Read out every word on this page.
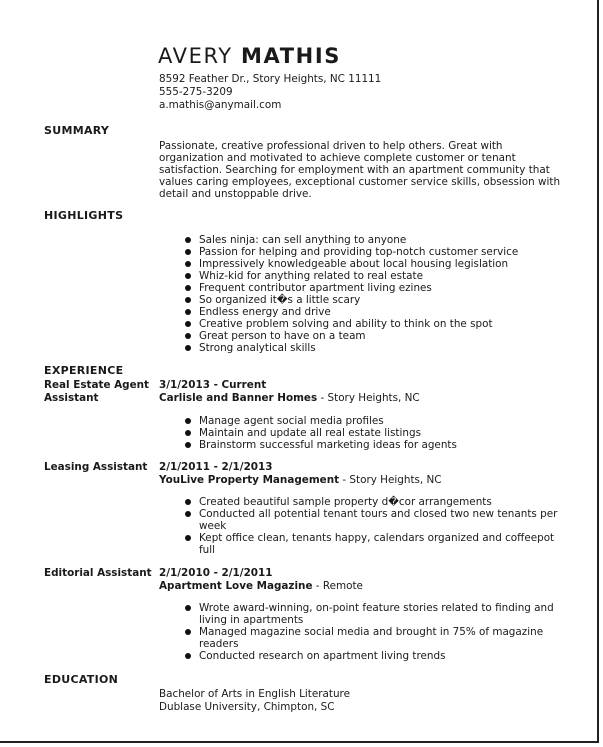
AVERY MATHIS
8592 Feather Dr., Story Heights, NC 11111
555-275-3209
a.mathis@anymail.com
SUMMARY
Passionate, creative professional driven to help others. Great with organization and motivated to achieve complete customer or tenant satisfaction. Searching for employment with an apartment community that values caring employees, exceptional customer service skills, obsession with detail and unstoppable drive.
HIGHLIGHTS
Sales ninja: can sell anything to anyone
Passion for helping and providing top-notch customer service
Impressively knowledgeable about local housing legislation
Whiz-kid for anything related to real estate
Frequent contributor apartment living ezines
So organized it�s a little scary
Endless energy and drive
Creative problem solving and ability to think on the spot
Great person to have on a team
Strong analytical skills
EXPERIENCE
Real Estate Agent Assistant
3/1/2013 - Current
Carlisle and Banner Homes - Story Heights, NC
Manage agent social media profiles
Maintain and update all real estate listings
Brainstorm successful marketing ideas for agents
Leasing Assistant	2/1/2011 - 2/1/2013
YouLive Property Management - Story Heights, NC
Created beautiful sample property d�cor arrangements
Conducted all potential tenant tours and closed two new tenants per week
Kept office clean, tenants happy, calendars organized and coffeepot full
Editorial Assistant 2/1/2010 - 2/1/2011
Apartment Love Magazine - Remote
Wrote award-winning, on-point feature stories related to finding and living in apartments
Managed magazine social media and brought in 75% of magazine readers
Conducted research on apartment living trends
EDUCATION
Bachelor of Arts in English Literature
Dublase University, Chimpton, SC
